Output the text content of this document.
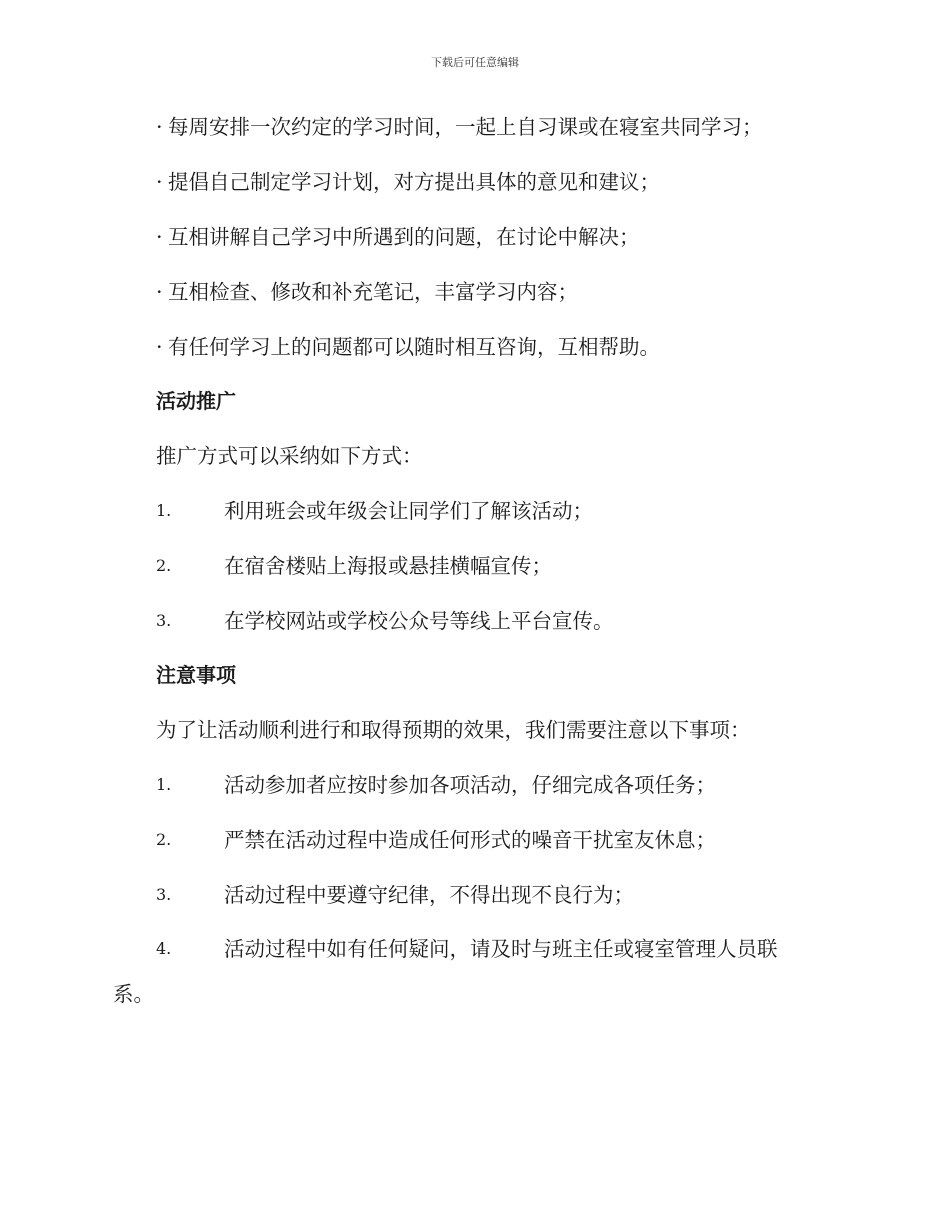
下载后可任意编辑
· 每周安排一次约定的学习时间，一起上自习课或在寝室共同学习；
· 提倡自己制定学习计划，对方提出具体的意见和建议；
· 互相讲解自己学习中所遇到的问题，在讨论中解决；
· 互相检查、修改和补充笔记，丰富学习内容；
· 有任何学习上的问题都可以随时相互咨询，互相帮助。
活动推广
推广方式可以采纳如下方式：
1.	利用班会或年级会让同学们了解该活动；
2.	在宿舍楼贴上海报或悬挂横幅宣传；
3.	在学校网站或学校公众号等线上平台宣传。
注意事项
为了让活动顺利进行和取得预期的效果，我们需要注意以下事项：
1.	活动参加者应按时参加各项活动，仔细完成各项任务；
2.	严禁在活动过程中造成任何形式的噪音干扰室友休息；
3.	活动过程中要遵守纪律，不得出现不良行为；
4.	活动过程中如有任何疑问，请及时与班主任或寝室管理人员联
系。
